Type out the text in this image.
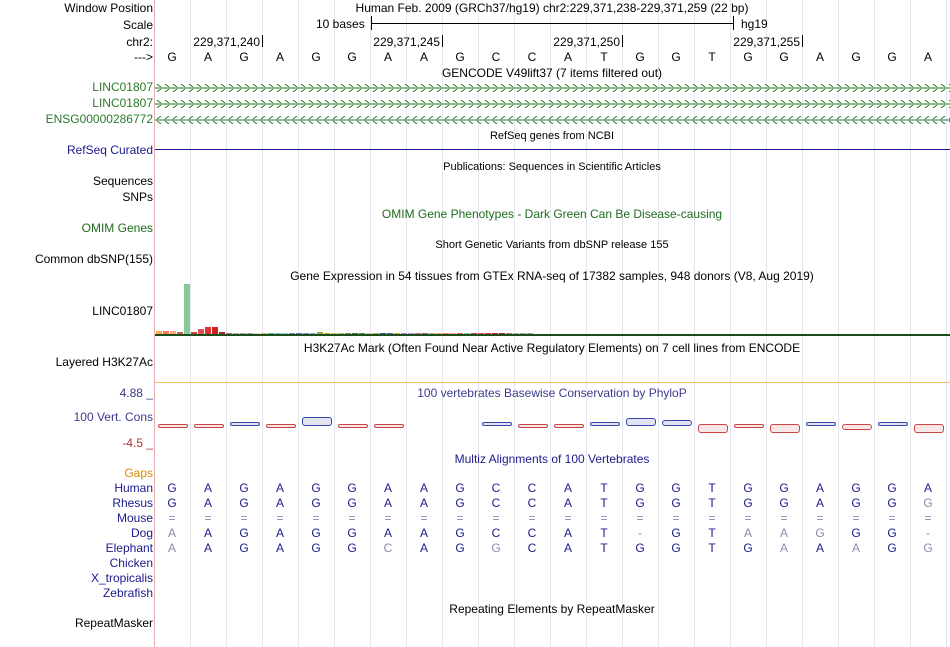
Window Position	Human Feb. 2009 (GRCh37/hg19) chr2:229,371,238-229,371,259 (22 bp)
Scale	10 bases	hg19
chr2:	229,371,240	229,371,245	229,371,250	229,371,255
---> G A G A G G A A G C C A T G G T G G A G G A
GENCODE V49lift37 (7 items filtered out)
LINC01807
LINC01807
ENSG00000286772
RefSeq genes from NCBI
RefSeq Curated
Publications: Sequences in Scientific Articles
Sequences
SNPs
OMIM Gene Phenotypes - Dark Green Can Be Disease-causing
OMIM Genes
Short Genetic Variants from dbSNP release 155
Common dbSNP(155)
Gene Expression in 54 tissues from GTEx RNA-seq of 17382 samples, 948 donors (V8, Aug 2019)
LINC01807
H3K27Ac Mark (Often Found Near Active Regulatory Elements) on 7 cell lines from ENCODE
Layered H3K27Ac
100 vertebrates Basewise Conservation by PhyloP
4.88 _
100 Vert. Cons
-4.5 _
Multiz Alignments of 100 Vertebrates
Gaps
Human G A G A G G A A G C C A T G G T G G A G G A
Rhesus G A G A G G A A G C C A T G G T G G A G G G
Mouse = = = = = = = = = = = = = = = = = = = = = =
Dog A A G A G G A A G C C A T	-	G T A A G G G	-
Elephant A A G A G G C A G G C A T G G T G A A A G G
Chicken
X_tropicalis
Zebrafish
Repeating Elements by RepeatMasker
RepeatMasker
